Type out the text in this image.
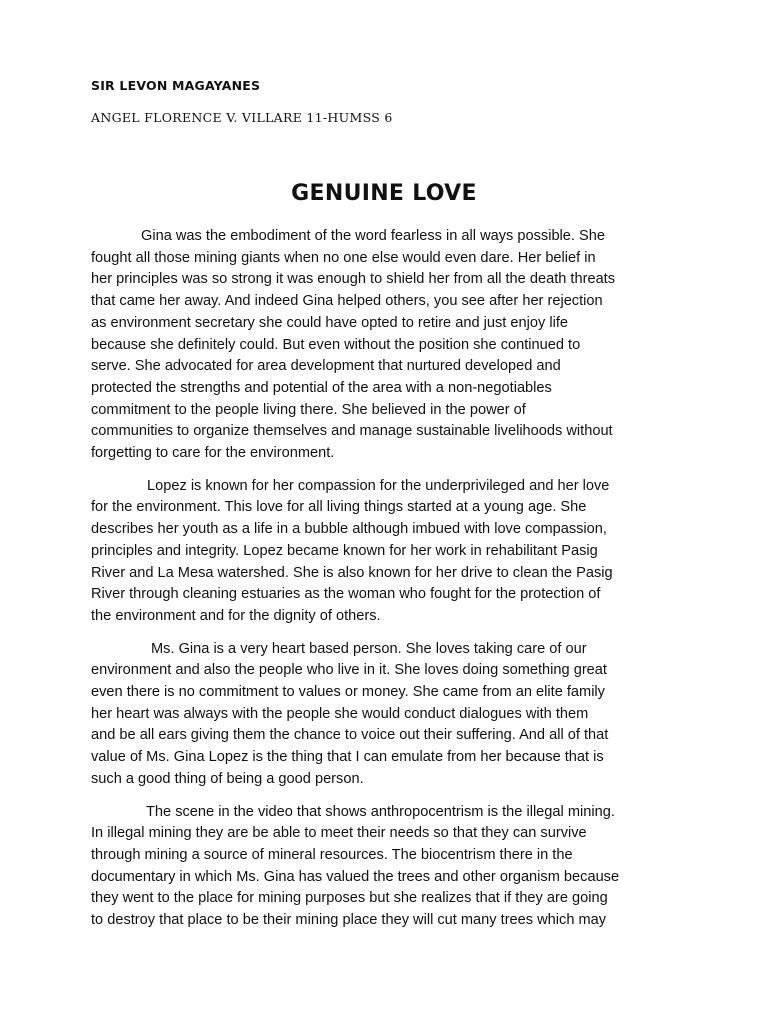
SIR LEVON MAGAYANES
ANGEL FLORENCE V. VILLARE 11-HUMSS 6
GENUINE LOVE
Gina was the embodiment of the word fearless in all ways possible. She
fought all those mining giants when no one else would even dare. Her belief in
her principles was so strong it was enough to shield her from all the death threats
that came her away. And indeed Gina helped others, you see after her rejection
as environment secretary she could have opted to retire and just enjoy life
because she definitely could. But even without the position she continued to
serve. She advocated for area development that nurtured developed and
protected the strengths and potential of the area with a non-negotiables
commitment to the people living there. She believed in the power of
communities to organize themselves and manage sustainable livelihoods without
forgetting to care for the environment.
Lopez is known for her compassion for the underprivileged and her love
for the environment. This love for all living things started at a young age. She
describes her youth as a life in a bubble although imbued with love compassion,
principles and integrity. Lopez became known for her work in rehabilitant Pasig
River and La Mesa watershed. She is also known for her drive to clean the Pasig
River through cleaning estuaries as the woman who fought for the protection of
the environment and for the dignity of others.
Ms. Gina is a very heart based person. She loves taking care of our
environment and also the people who live in it. She loves doing something great
even there is no commitment to values or money. She came from an elite family
her heart was always with the people she would conduct dialogues with them
and be all ears giving them the chance to voice out their suffering. And all of that
value of Ms. Gina Lopez is the thing that I can emulate from her because that is
such a good thing of being a good person.
The scene in the video that shows anthropocentrism is the illegal mining.
In illegal mining they are be able to meet their needs so that they can survive
through mining a source of mineral resources. The biocentrism there in the
documentary in which Ms. Gina has valued the trees and other organism because
they went to the place for mining purposes but she realizes that if they are going
to destroy that place to be their mining place they will cut many trees which may
